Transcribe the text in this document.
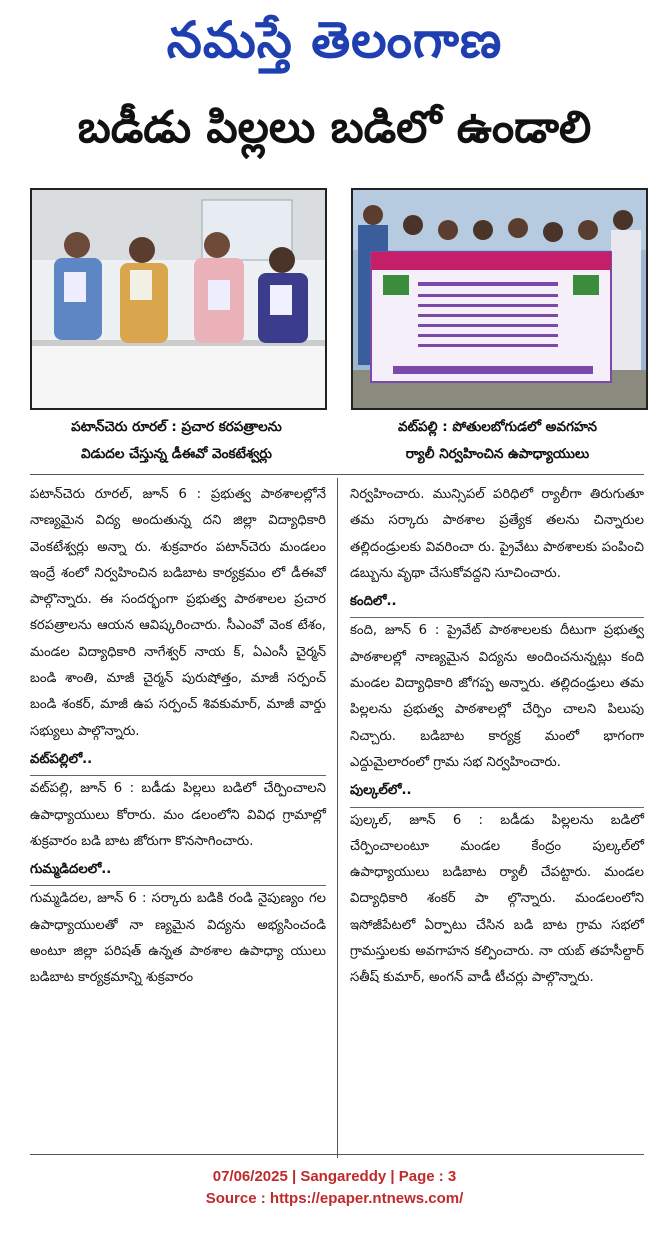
నమస్తే తెలంగాణ
బడీడు పిల్లలు బడిలో ఉండాలి
పటాన్‌చెరు రూరల్ : ప్రచార కరపత్రాలను
విడుదల చేస్తున్న డీఈవో వెంకటేశ్వర్లు
వట్‌పల్లి : పోతులబోగుడలో అవగహన
ర్యాలీ నిర్వహించిన ఉపాధ్యాయులు

పటాన్‌చెరు రూరల్, జూన్ 6 : ప్రభుత్వ పాఠశాలల్లోనే నాణ్యమైన విద్య అందుతున్న దని జిల్లా విద్యాధికారి వెంకటేశ్వర్లు అన్నా రు. శుక్రవారం పటాన్‌చెరు మండలం ఇంద్రే శంలో నిర్వహించిన బడిబాట కార్యక్రమం లో డీఈవో పాల్గొన్నారు. ఈ సందర్భంగా ప్రభుత్వ పాఠశాలల ప్రచార కరపత్రాలను ఆయన ఆవిష్కరించారు. సీఎంవో వెంక టేశం, మండల విద్యాధికారి నాగేశ్వర్ నాయ క్, ఏఎంసీ చైర్మన్ బండి శాంతి, మాజీ చైర్మన్ పురుషోత్తం, మాజీ సర్పంచ్ బండి శంకర్, మాజీ ఉప సర్పంచ్ శివకుమార్, మాజీ వార్డు సభ్యులు పాల్గొన్నారు.

వట్‌పల్లిలో..

వట్‌పల్లి, జూన్ 6 : బడీడు పిల్లలు బడిలో చేర్పించాలని ఉపాధ్యాయులు కోరారు. మం డలంలోని వివిధ గ్రామాల్లో శుక్రవారం బడి బాట జోరుగా కొనసాగించారు.

గుమ్మడిదలలో..

గుమ్మడిదల, జూన్ 6 : సర్కారు బడికి రండి నైపుణ్యం గల ఉపాధ్యాయులతో నా ణ్యమైన విద్యను అభ్యసించండి అంటూ జిల్లా పరిషత్ ఉన్నత పాఠశాల ఉపాధ్యా యులు బడిబాట కార్యక్రమాన్ని శుక్రవారం

నిర్వహించారు. మున్సిపల్ పరిధిలో ర్యాలీగా తిరుగుతూ తమ సర్కారు పాఠశాల ప్రత్యేక తలను చిన్నారుల తల్లిదండ్రులకు వివరించా రు. ప్రైవేటు పాఠశాలకు పంపించి డబ్బును వృథా చేసుకోవద్దని సూచించారు.

కందిలో..

కంది, జూన్ 6 : ప్రైవేట్ పాఠశాలలకు దీటుగా ప్రభుత్వ పాఠశాలల్లో నాణ్యమైన విద్యను అందించనున్నట్లు కంది మండల విద్యాధికారి జోగప్ప అన్నారు. తల్లిదండ్రులు తమ పిల్లలను ప్రభుత్వ పాఠశాలల్లో చేర్పిం చాలని పిలుపు నిచ్చారు. బడిబాట కార్యక్ర మంలో భాగంగా ఎద్దుమైలారంలో గ్రామ సభ నిర్వహించారు.

పుల్కల్‌లో..

పుల్కల్, జూన్ 6 : బడీడు పిల్లలను బడిలో చేర్పించాలంటూ మండల కేంద్రం పుల్కల్‌లో ఉపాధ్యాయులు బడిబాట ర్యాలీ చేపట్టారు. మండల విద్యాధికారి శంకర్ పా ల్గొన్నారు. మండలంలోని ఇసోజీపేటలో ఏర్పాటు చేసిన బడి బాట గ్రామ సభలో గ్రామస్తులకు అవగాహన కల్పించారు. నా యబ్ తహసీల్దార్ సతీష్ కుమార్, అంగన్ వాడీ టీచర్లు పాల్గొన్నారు.

07/06/2025 | Sangareddy | Page : 3
Source : https://epaper.ntnews.com/
